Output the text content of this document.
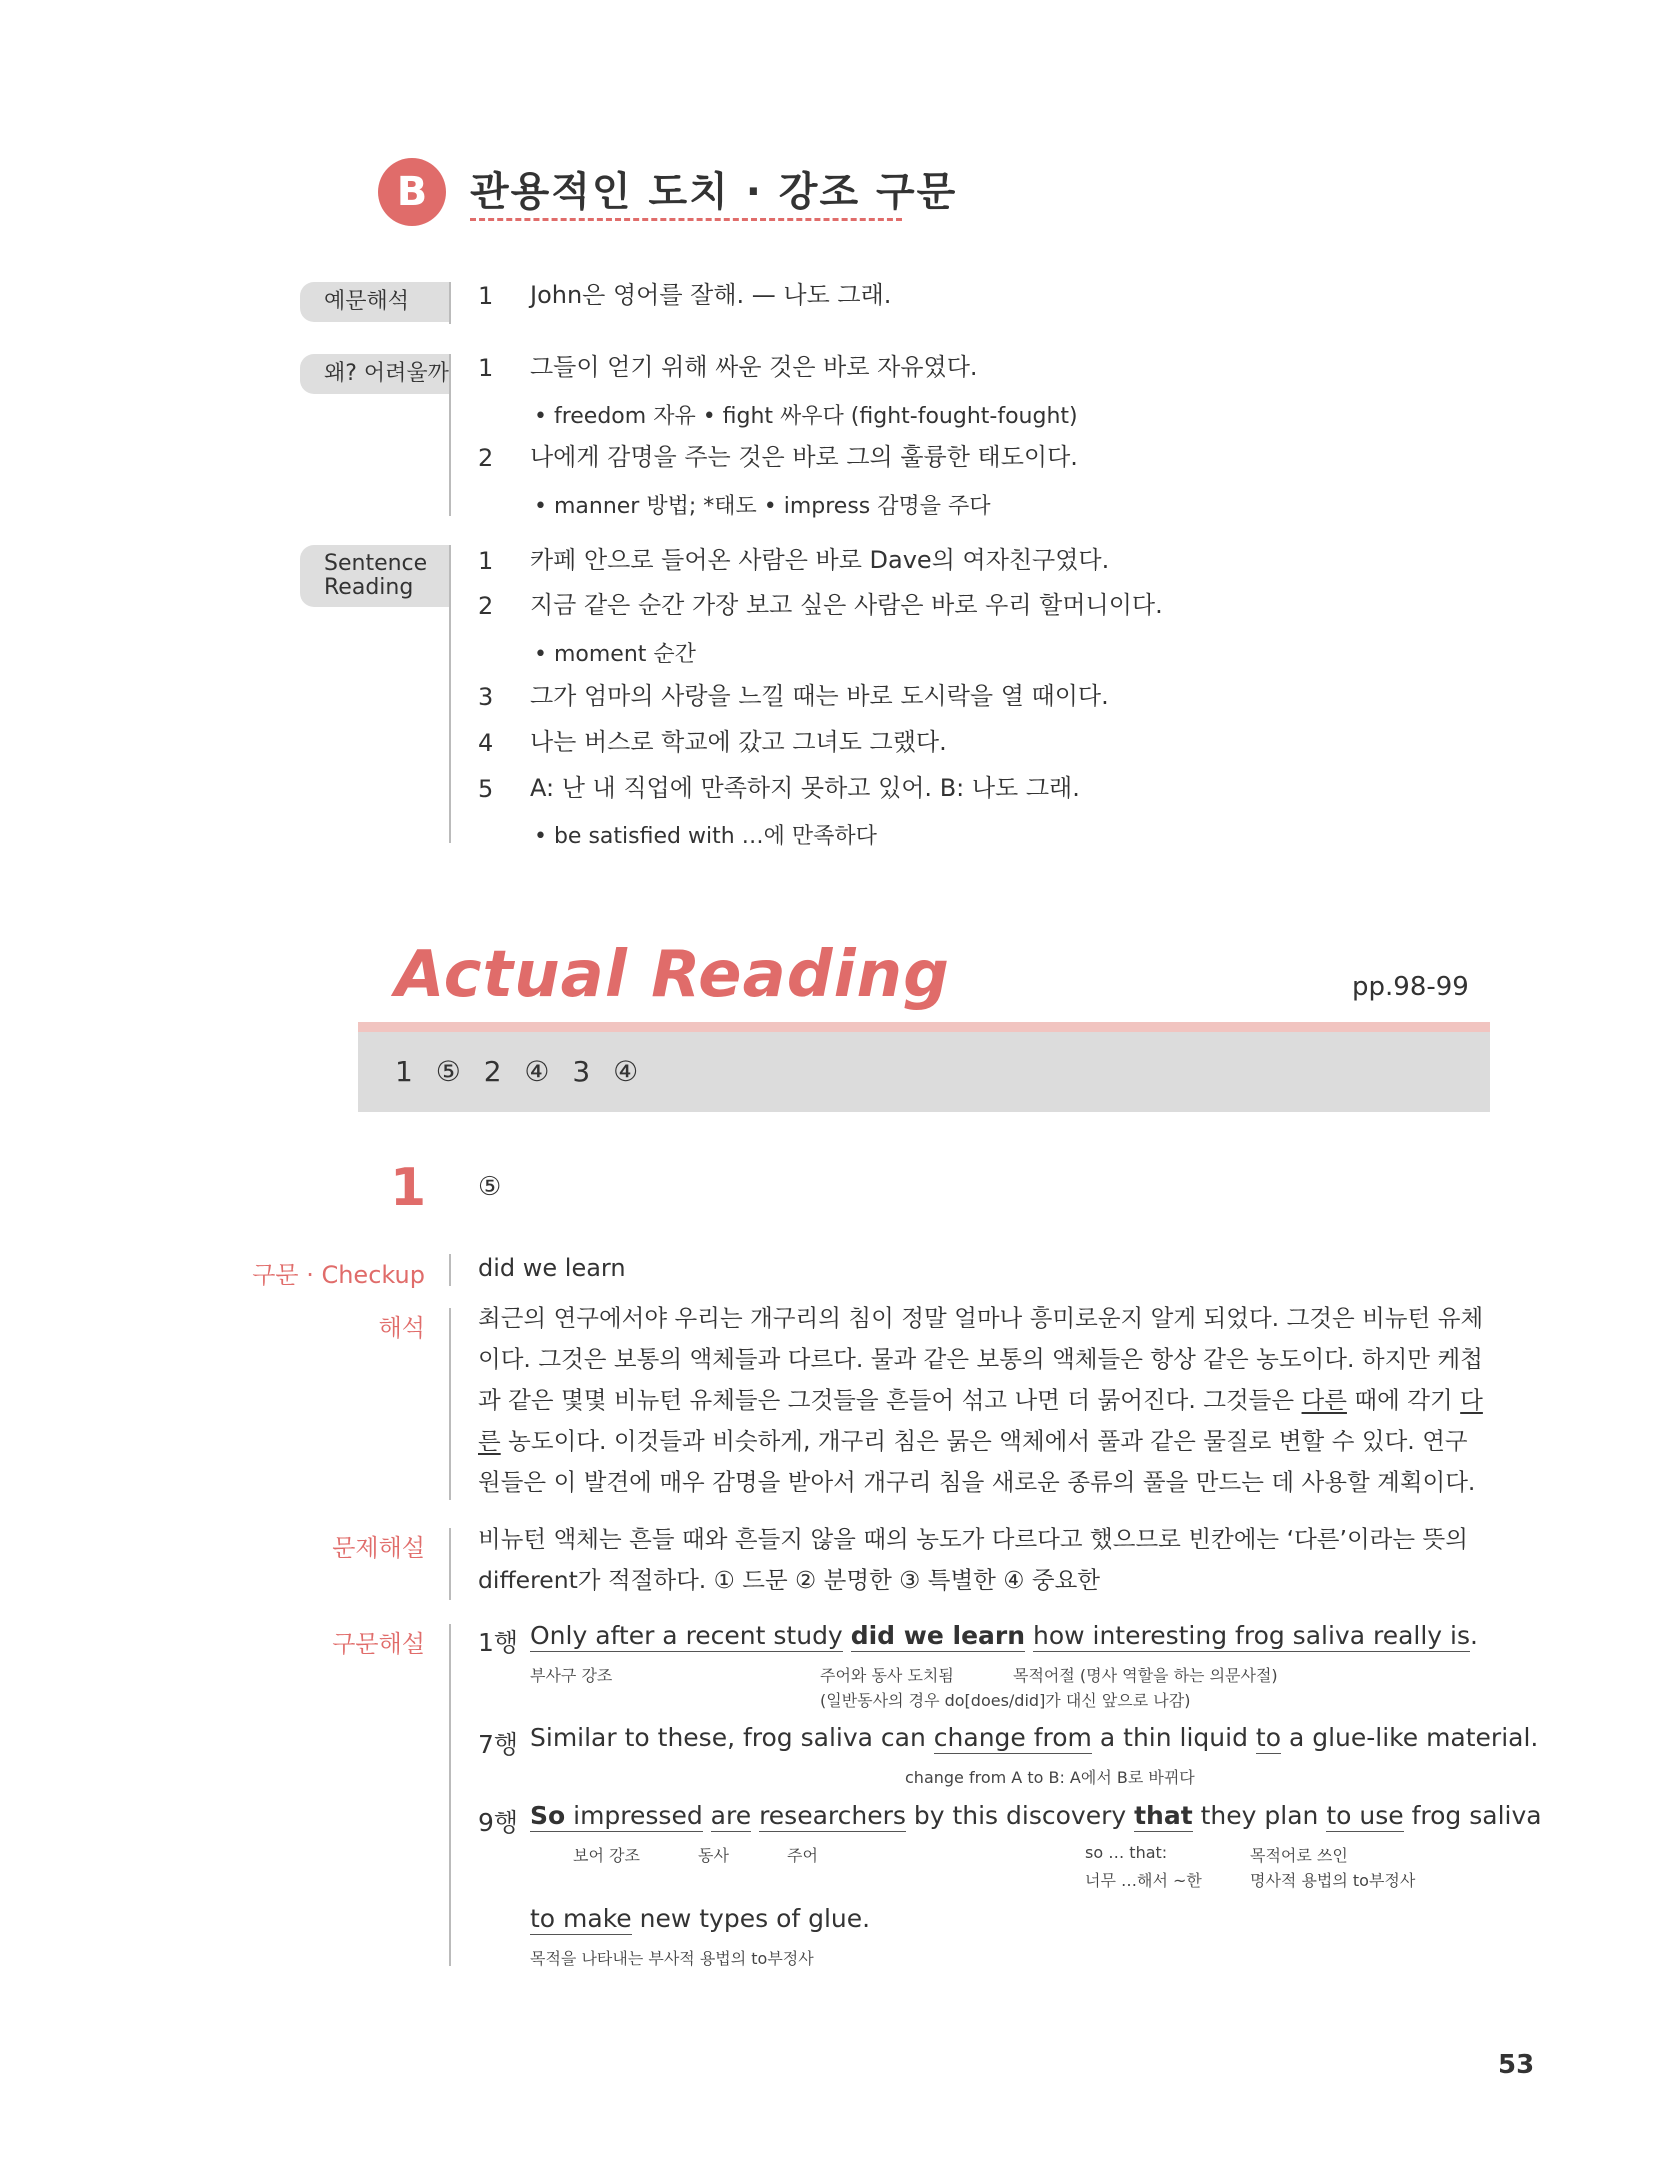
B	관용적인 도치 · 강조 구문
예문해석	1 John은 영어를 잘해. — 나도 그래.
왜? 어려울까 1 그들이 얻기 위해 싸운 것은 바로 자유였다.
• freedom 자유 • fight 싸우다 (fight-fought-fought)
2 나에게 감명을 주는 것은 바로 그의 훌륭한 태도이다.
• manner 방법; *태도 • impress 감명을 주다
Sentence
Reading
1 카페 안으로 들어온 사람은 바로 Dave의 여자친구였다.
2 지금 같은 순간 가장 보고 싶은 사람은 바로 우리 할머니이다.
• moment 순간
3 그가 엄마의 사랑을 느낄 때는 바로 도시락을 열 때이다.
4 나는 버스로 학교에 갔고 그녀도 그랬다.
5 A: 난 내 직업에 만족하지 못하고 있어. B: 나도 그래.
• be satisfied with …에 만족하다
Actual Reading	pp.98-99
1 ⑤ 2 ④ 3 ④
1 ⑤
구문 · Checkup did we learn
해석 최근의 연구에서야 우리는 개구리의 침이 정말 얼마나 흥미로운지 알게 되었다. 그것은 비뉴턴 유체이다. 그것은 보통의 액체들과 다르다. 물과 같은 보통의 액체들은 항상 같은 농도이다. 하지만 케첩과 같은 몇몇 비뉴턴 유체들은 그것들을 흔들어 섞고 나면 더 묽어진다. 그것들은 다른 때에 각기 다른 농도이다. 이것들과 비슷하게, 개구리 침은 묽은 액체에서 풀과 같은 물질로 변할 수 있다. 연구원들은 이 발견에 매우 감명을 받아서 개구리 침을 새로운 종류의 풀을 만드는 데 사용할 계획이다.
문제해설 비뉴턴 액체는 흔들 때와 흔들지 않을 때의 농도가 다르다고 했으므로 빈칸에는 ‘다른’이라는 뜻의 different가 적절하다. ① 드문 ② 분명한 ③ 특별한 ④ 중요한
구문해설 1행 Only after a recent study did we learn how interesting frog saliva really is.
부사구 강조	주어와 동사 도치됨
(일반동사의 경우 do[does/did]가 대신 앞으로 나감)
목적어절 (명사 역할을 하는 의문사절)
7행 Similar to these, frog saliva can change from a thin liquid to a glue-like material.
change from A to B: A에서 B로 바뀌다
9행 So impressed are researchers by this discovery that they plan to use frog saliva
보어 강조	동사	주어	so … that:
너무 …해서 ~한
목적어로 쓰인
명사적 용법의 to부정사
to make new types of glue.
목적을 나타내는 부사적 용법의 to부정사
53
